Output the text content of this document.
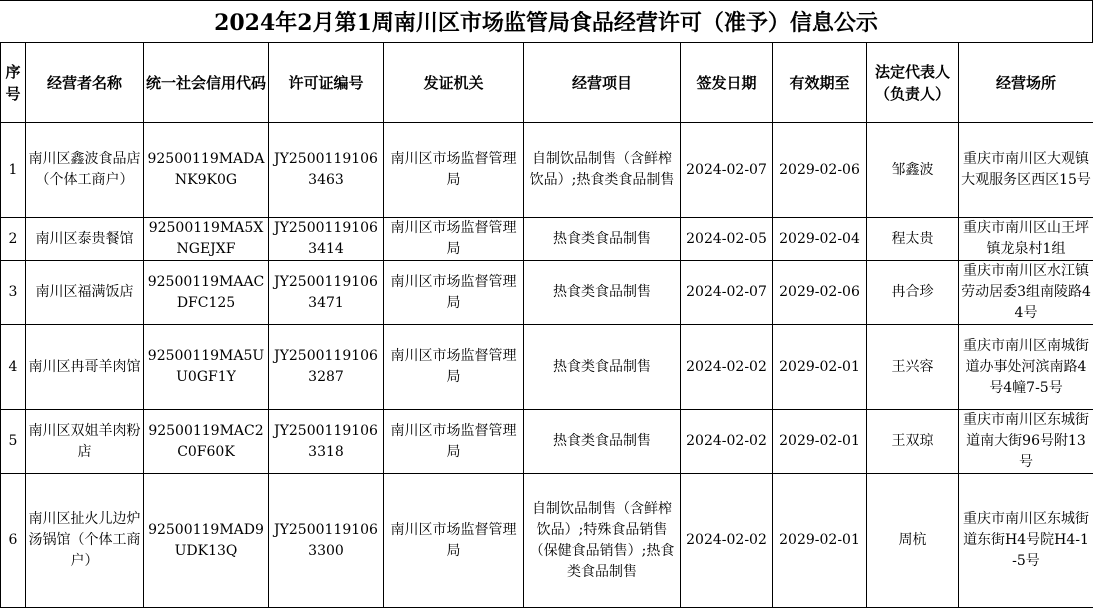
2024年2月第1周南川区市场监管局食品经营许可（准予）信息公示
序号	经营者名称	统一社会信用代码	许可证编号	发证机关	经营项目	签发日期	有效期至	法定代表人（负责人）	经营场所
1	南川区鑫波食品店（个体工商户）	92500119MADANK9K0G	JY25001191063463	南川区市场监督管理局	自制饮品制售（含鲜榨饮品）;热食类食品制售	2024-02-07	2029-02-06	邹鑫波	重庆市南川区大观镇大观服务区西区15号
2	南川区泰贵餐馆	92500119MA5XNGEJXF	JY25001191063414	南川区市场监督管理局	热食类食品制售	2024-02-05	2029-02-04	程太贵	重庆市南川区山王坪镇龙泉村1组
3	南川区福满饭店	92500119MAACDFC125	JY25001191063471	南川区市场监督管理局	热食类食品制售	2024-02-07	2029-02-06	冉合珍	重庆市南川区水江镇劳动居委3组南陵路44号
4	南川区冉哥羊肉馆	92500119MA5UU0GF1Y	JY25001191063287	南川区市场监督管理局	热食类食品制售	2024-02-02	2029-02-01	王兴容	重庆市南川区南城街道办事处河滨南路4号4幢7-5号
5	南川区双姐羊肉粉店	92500119MAC2C0F60K	JY25001191063318	南川区市场监督管理局	热食类食品制售	2024-02-02	2029-02-01	王双琼	重庆市南川区东城街道南大街96号附13号
6	南川区扯火儿边炉汤锅馆（个体工商户）	92500119MAD9UDK13Q	JY25001191063300	南川区市场监督管理局	自制饮品制售（含鲜榨饮品）;特殊食品销售（保健食品销售）;热食类食品制售	2024-02-02	2029-02-01	周杭	重庆市南川区东城街道东街H4号院H4-1-5号
